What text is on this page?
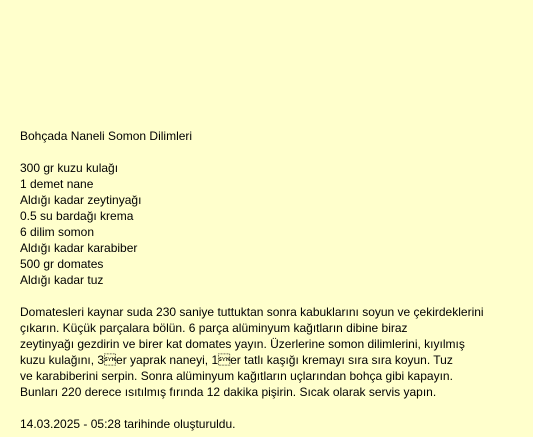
Bohçada Naneli Somon Dilimleri
300 gr kuzu kulağı
1 demet nane
Aldığı kadar zeytinyağı
0.5 su bardağı krema
6 dilim somon
Aldığı kadar karabiber
500 gr domates
Aldığı kadar tuz

Domatesleri kaynar suda 230 saniye tuttuktan sonra kabuklarını soyun ve çekirdeklerini
çıkarın. Küçük parçalara bölün. 6 parça alüminyum kağıtların dibine biraz
zeytinyağı gezdirin ve birer kat domates yayın. Üzerlerine somon dilimlerini, kıyılmış
kuzu kulağını, 3er yaprak naneyi, 1er tatlı kaşığı kremayı sıra sıra koyun. Tuz
ve karabiberini serpin. Sonra alüminyum kağıtların uçlarından bohça gibi kapayın.
Bunları 220 derece ısıtılmış fırında 12 dakika pişirin. Sıcak olarak servis yapın.

14.03.2025 - 05:28 tarihinde oluşturuldu.
